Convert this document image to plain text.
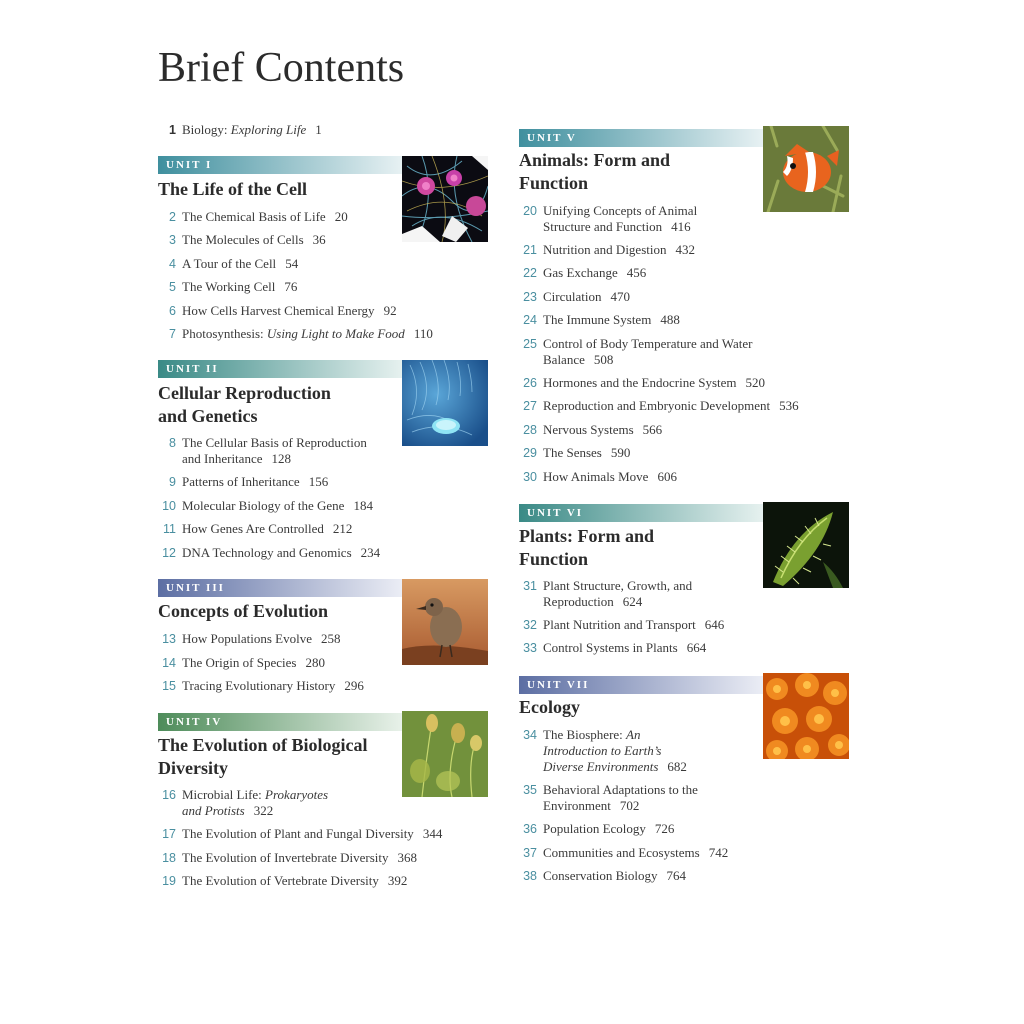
Brief Contents
1 Biology: Exploring Life 1
UNIT I
The Life of the Cell
2 The Chemical Basis of Life 20
3 The Molecules of Cells 36
4 A Tour of the Cell 54
5 The Working Cell 76
6 How Cells Harvest Chemical Energy 92
7 Photosynthesis: Using Light to Make Food 110
UNIT II
Cellular Reproduction
and Genetics
8 The Cellular Basis of Reproduction
and Inheritance 128
9 Patterns of Inheritance 156
10 Molecular Biology of the Gene 184
11 How Genes Are Controlled 212
12 DNA Technology and Genomics 234
UNIT III
Concepts of Evolution
13 How Populations Evolve 258
14 The Origin of Species 280
15 Tracing Evolutionary History 296
UNIT IV
The Evolution of Biological
Diversity
16 Microbial Life: Prokaryotes
and Protists 322
17 The Evolution of Plant and Fungal Diversity 344
18 The Evolution of Invertebrate Diversity 368
19 The Evolution of Vertebrate Diversity 392
UNIT V
Animals: Form and
Function
20 Unifying Concepts of Animal
Structure and Function 416
21 Nutrition and Digestion 432
22 Gas Exchange 456
23 Circulation 470
24 The Immune System 488
25 Control of Body Temperature and Water
Balance 508
26 Hormones and the Endocrine System 520
27 Reproduction and Embryonic Development 536
28 Nervous Systems 566
29 The Senses 590
30 How Animals Move 606
UNIT VI
Plants: Form and
Function
31 Plant Structure, Growth, and
Reproduction 624
32 Plant Nutrition and Transport 646
33 Control Systems in Plants 664
UNIT VII
Ecology
34 The Biosphere: An
Introduction to Earth’s
Diverse Environments 682
35 Behavioral Adaptations to the
Environment 702
36 Population Ecology 726
37 Communities and Ecosystems 742
38 Conservation Biology 764
